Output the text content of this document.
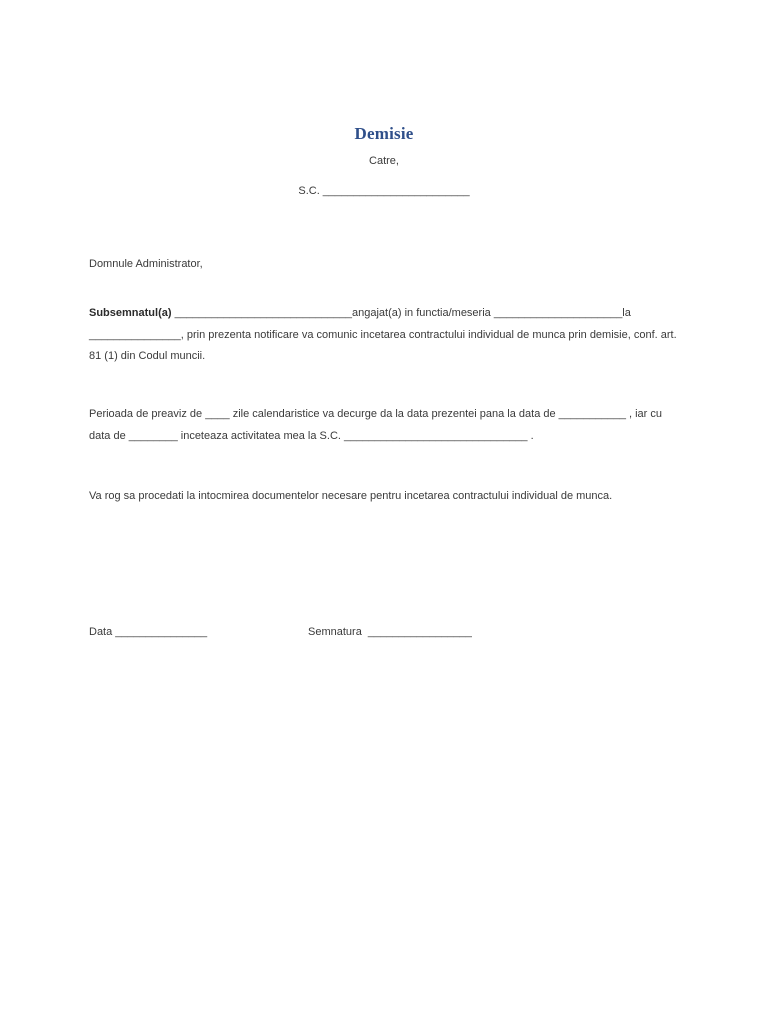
Demisie
Catre,
S.C. ________________________
Domnule Administrator,
Subsemnatul(a) _____________________________angajat(a) in functia/meseria _____________________la _______________, prin prezenta notificare va comunic incetarea contractului individual de munca prin demisie, conf. art. 81 (1) din Codul muncii.
Perioada de preaviz de ____ zile calendaristice va decurge da la data prezentei pana la data de ___________ , iar cu data de ________ inceteaza activitatea mea la S.C. ______________________________ .
Va rog sa procedati la intocmirea documentelor necesare pentru incetarea contractului individual de munca.
Data _______________	Semnatura  _________________
